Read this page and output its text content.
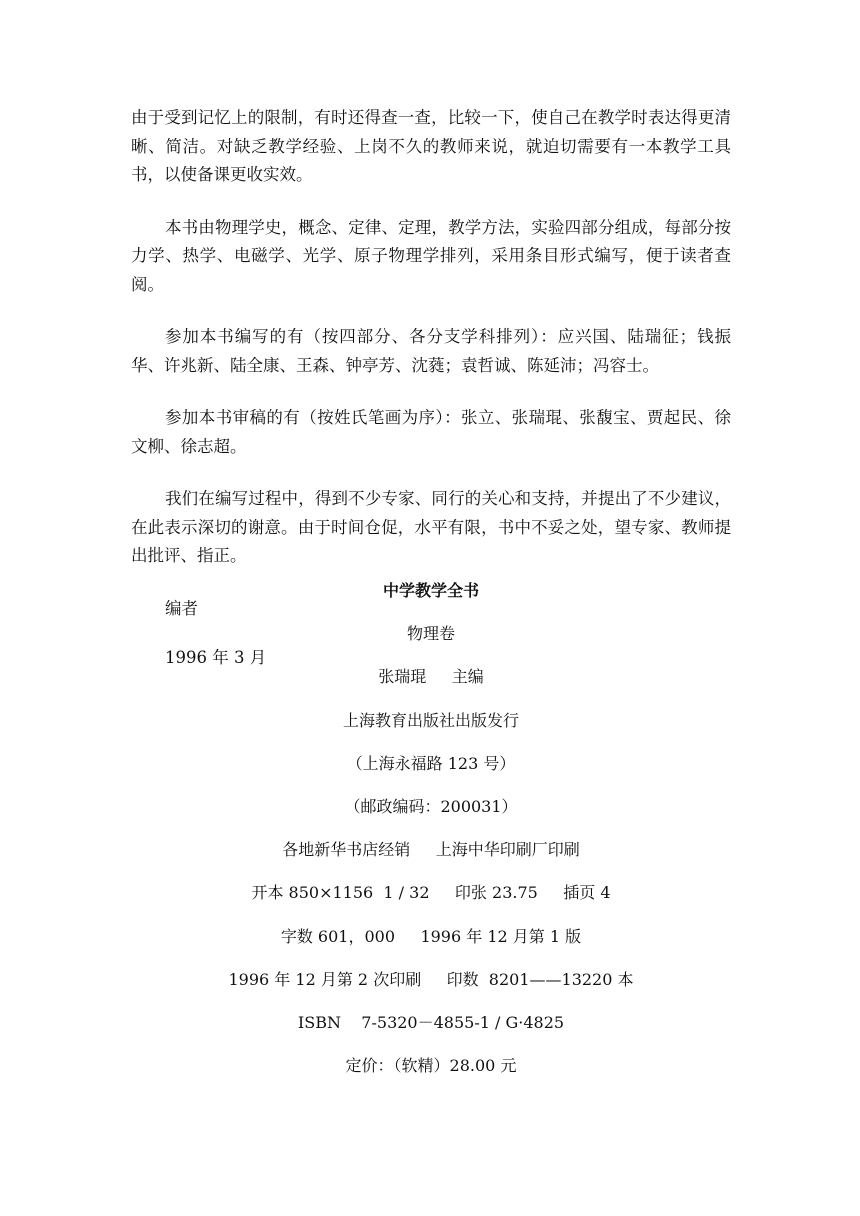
由于受到记忆上的限制，有时还得查一查，比较一下，使自己在教学时表达得更清晰、简洁。对缺乏教学经验、上岗不久的教师来说，就迫切需要有一本教学工具书，以使备课更收实效。

本书由物理学史，概念、定律、定理，教学方法，实验四部分组成，每部分按力学、热学、电磁学、光学、原子物理学排列，采用条目形式编写，便于读者查阅。

参加本书编写的有（按四部分、各分支学科排列）：应兴国、陆瑞征；钱振华、许兆新、陆全康、王森、钟亭芳、沈蕤；袁哲诚、陈延沛；冯容士。

参加本书审稿的有（按姓氏笔画为序）：张立、张瑞琨、张馥宝、贾起民、徐文柳、徐志超。

我们在编写过程中，得到不少专家、同行的关心和支持，并提出了不少建议，在此表示深切的谢意。由于时间仓促，水平有限，书中不妥之处，望专家、教师提出批评、指正。

编者
1996 年 3 月
中学教学全书
物理卷
张瑞琨     主编
上海教育出版社出版发行
（上海永福路 123 号）
（邮政编码：200031）
各地新华书店经销     上海中华印刷厂印刷
开本 850×1156  1 / 32     印张 23.75     插页 4
字数 601，000     1996 年 12 月第 1 版
1996 年 12 月第 2 次印刷     印数  8201——13220 本
ISBN    7-5320－4855-1 / G·4825
定价：（软精）28.00 元
